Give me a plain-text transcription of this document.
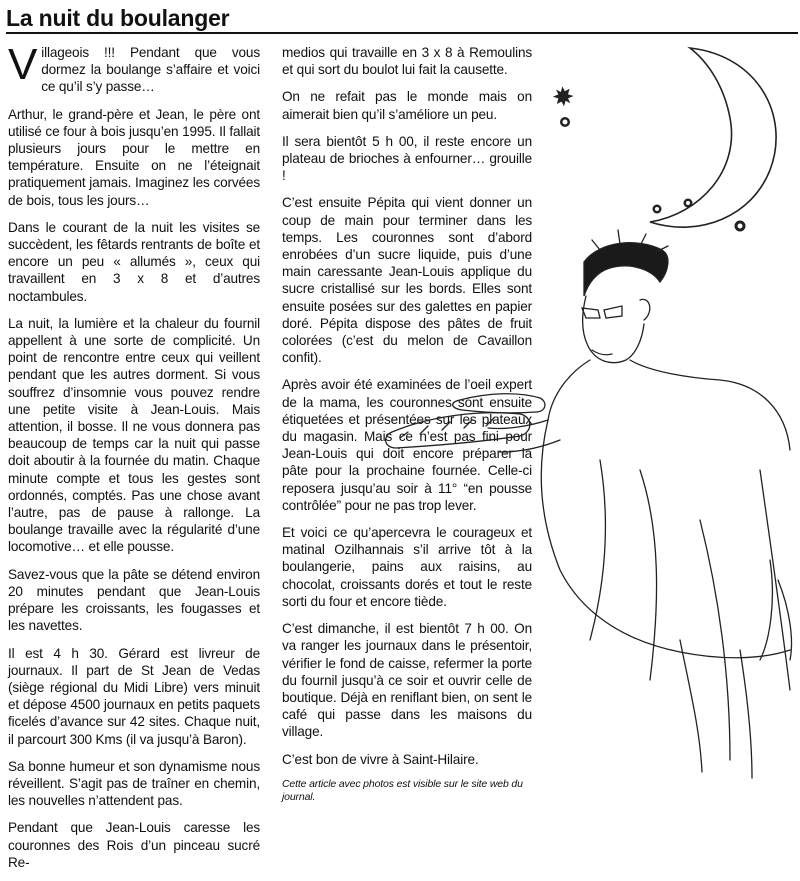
La nuit du boulanger

Villageois !!! Pendant que vous dormez la boulange s’affaire et voici ce qu’il s’y passe…

Arthur, le grand-père et Jean, le père ont utilisé ce four à bois jusqu’en 1995. Il fallait plusieurs jours pour le mettre en température. Ensuite on ne l’éteignait pratiquement jamais. Imaginez les corvées de bois, tous les jours…

Dans le courant de la nuit les visites se succèdent, les fêtards rentrants de boîte et encore un peu « allumés », ceux qui travaillent en 3 x 8 et d’autres noctambules.

La nuit, la lumière et la chaleur du fournil appellent à une sorte de complicité. Un point de rencontre entre ceux qui veillent pendant que les autres dorment. Si vous souffrez d’insomnie vous pouvez rendre une petite visite à Jean-Louis. Mais attention, il bosse. Il ne vous donnera pas beaucoup de temps car la nuit qui passe doit aboutir à la fournée du matin. Chaque minute compte et tous les gestes sont ordonnés, comptés. Pas une chose avant l’autre, pas de pause à rallonge. La boulange travaille avec la régularité d’une locomotive… et elle pousse.

Savez-vous que la pâte se détend environ 20 minutes pendant que Jean-Louis prépare les croissants, les fougasses et les navettes.

Il est 4 h 30. Gérard est livreur de journaux. Il part de St Jean de Vedas (siège régional du Midi Libre) vers minuit et dépose 4500 journaux en petits paquets ficelés d’avance sur 42 sites. Chaque nuit, il parcourt 300 Kms (il va jusqu’à Baron).

Sa bonne humeur et son dynamisme nous réveillent. S’agit pas de traîner en chemin, les nouvelles n’attendent pas.

Pendant que Jean-Louis caresse les couronnes des Rois d’un pinceau sucré Re-

medios qui travaille en 3 x 8 à Remoulins et qui sort du boulot lui fait la causette.

On ne refait pas le monde mais on aimerait bien qu’il s’améliore un peu.

Il sera bientôt 5 h 00, il reste encore un plateau de brioches à enfourner… grouille !

C’est ensuite Pépita qui vient donner un coup de main pour terminer dans les temps. Les couronnes sont d’abord enrobées d’un sucre liquide, puis d’une main caressante Jean-Louis applique du sucre cristallisé sur les bords. Elles sont ensuite posées sur des galettes en papier doré. Pépita dispose des pâtes de fruit colorées (c’est du melon de Cavaillon confit).

Après avoir été examinées de l’oeil expert de la mama, les couronnes sont ensuite étiquetées et présentées sur les plateaux du magasin. Mais ce n’est pas fini pour Jean-Louis qui doit encore préparer la pâte pour la prochaine fournée. Celle-ci reposera jusqu’au soir à 11° “en pousse contrôlée” pour ne pas trop lever.

Et voici ce qu’apercevra le courageux et matinal Ozilhannais s’il arrive tôt à la boulangerie, pains aux raisins, au chocolat, croissants dorés et tout le reste sorti du four et encore tiède.

C’est dimanche, il est bientôt 7 h 00. On va ranger les journaux dans le présentoir, vérifier le fond de caisse, refermer la porte du fournil jusqu’à ce soir et ouvrir celle de boutique. Déjà en reniflant bien, on sent le café qui passe dans les maisons du village.

C’est bon de vivre à Saint-Hilaire.

Cette article avec photos est visible sur le site web du journal.
